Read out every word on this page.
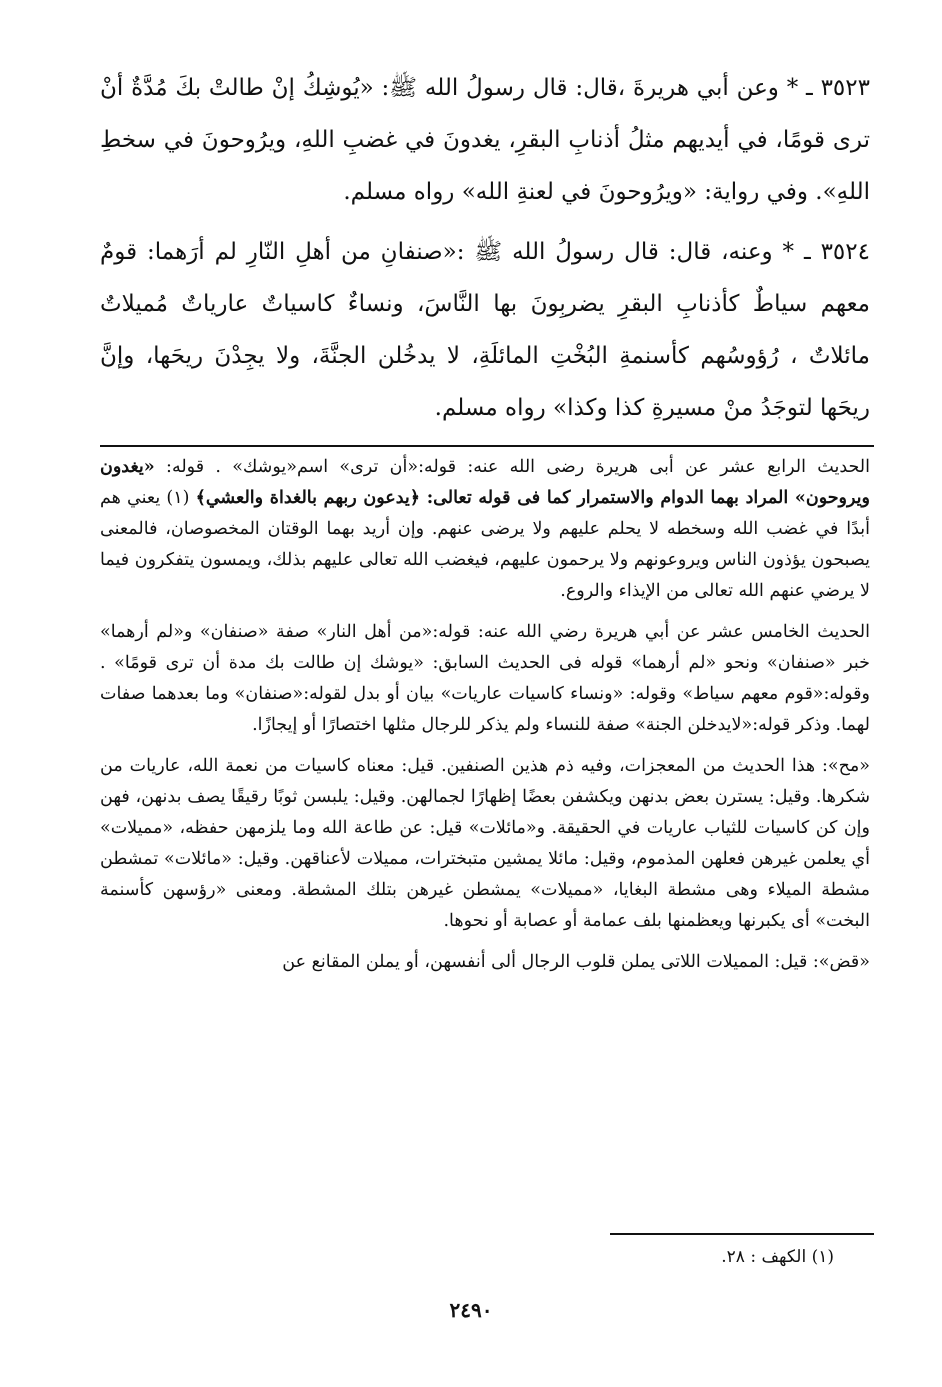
٣٥٢٣ ـ * وعن أبي هريرةَ ،قال: قال رسولُ الله ﷺ: «يُوشِكُ إنْ طالتْ بكَ مُدَّةٌ أنْ ترى قومًا، في أيديهم مثلُ أذنابِ البقرِ، يغدونَ في غضبِ اللهِ، ويرُوحونَ في سخطِ اللهِ». وفي رواية: «ويرُوحونَ في لعنةِ الله» رواه مسلم.

٣٥٢٤ ـ * وعنه، قال: قال رسولُ الله ﷺ :«صنفانِ من أهلِ النّارِ لم أرَهما: قومٌ معهم سياطٌ كأذنابِ البقرِ يضربِونَ بها النَّاسَ، ونساءٌ كاسياتٌ عارياتٌ مُميلاتٌ مائلاتٌ ، رُؤوسُهم كأسنمةِ البُخْتِ المائلَةِ، لا يدخُلن الجنَّةَ، ولا يجِدْنَ ريحَها، وإنَّ ريحَها لتوجَدُ منْ مسيرةِ كذا وكذا» رواه مسلم.

الحديث الرابع عشر عن أبى هريرة رضى الله عنه: قوله:«أن ترى» اسم«يوشك» . قوله: «يغدون ويروحون» المراد بهما الدوام والاستمرار كما فى قوله تعالى: ﴿يدعون ربهم بالغداة والعشي﴾ (١) يعني هم أبدًا في غضب الله وسخطه لا يحلم عليهم ولا يرضى عنهم. وإن أريد بهما الوقتان المخصوصان، فالمعنى يصبحون يؤذون الناس ويروعونهم ولا يرحمون عليهم، فيغضب الله تعالى عليهم بذلك، ويمسون يتفكرون فيما لا يرضي عنهم الله تعالى من الإيذاء والروع.

الحديث الخامس عشر عن أبي هريرة رضي الله عنه: قوله:«من أهل النار» صفة «صنفان» و«لم أرهما» خبر «صنفان» ونحو «لم أرهما» قوله فى الحديث السابق: «يوشك إن طالت بك مدة أن ترى قومًا» . وقوله:«قوم معهم سياط» وقوله: «ونساء كاسيات عاريات» بيان أو بدل لقوله:«صنفان» وما بعدهما صفات لهما. وذكر قوله:«لايدخلن الجنة» صفة للنساء ولم يذكر للرجال مثلها اختصارًا أو إيجازًا.

«مح»: هذا الحديث من المعجزات، وفيه ذم هذين الصنفين. قيل: معناه كاسيات من نعمة الله، عاريات من شكرها. وقيل: يسترن بعض بدنهن ويكشفن بعضًا إظهارًا لجمالهن. وقيل: يلبسن ثوبًا رقيقًا يصف بدنهن، فهن وإن كن كاسيات للثياب عاريات في الحقيقة. و«مائلات» قيل: عن طاعة الله وما يلزمهن حفظه، «مميلات» أي يعلمن غيرهن فعلهن المذموم، وقيل: مائلا يمشين متبخترات، مميلات لأعناقهن. وقيل: «مائلات» تمشطن مشطة الميلاء وهى مشطة البغايا، «مميلات» يمشطن غيرهن بتلك المشطة. ومعنى «رؤسهن كأسنمة البخت» أى يكبرنها ويعظمنها بلف عمامة أو عصابة أو نحوها.

«قض»: قيل: المميلات اللاتى يملن قلوب الرجال ألى أنفسهن، أو يملن المقانع عن

(١) الكهف : ٢٨.
٢٤٩٠
